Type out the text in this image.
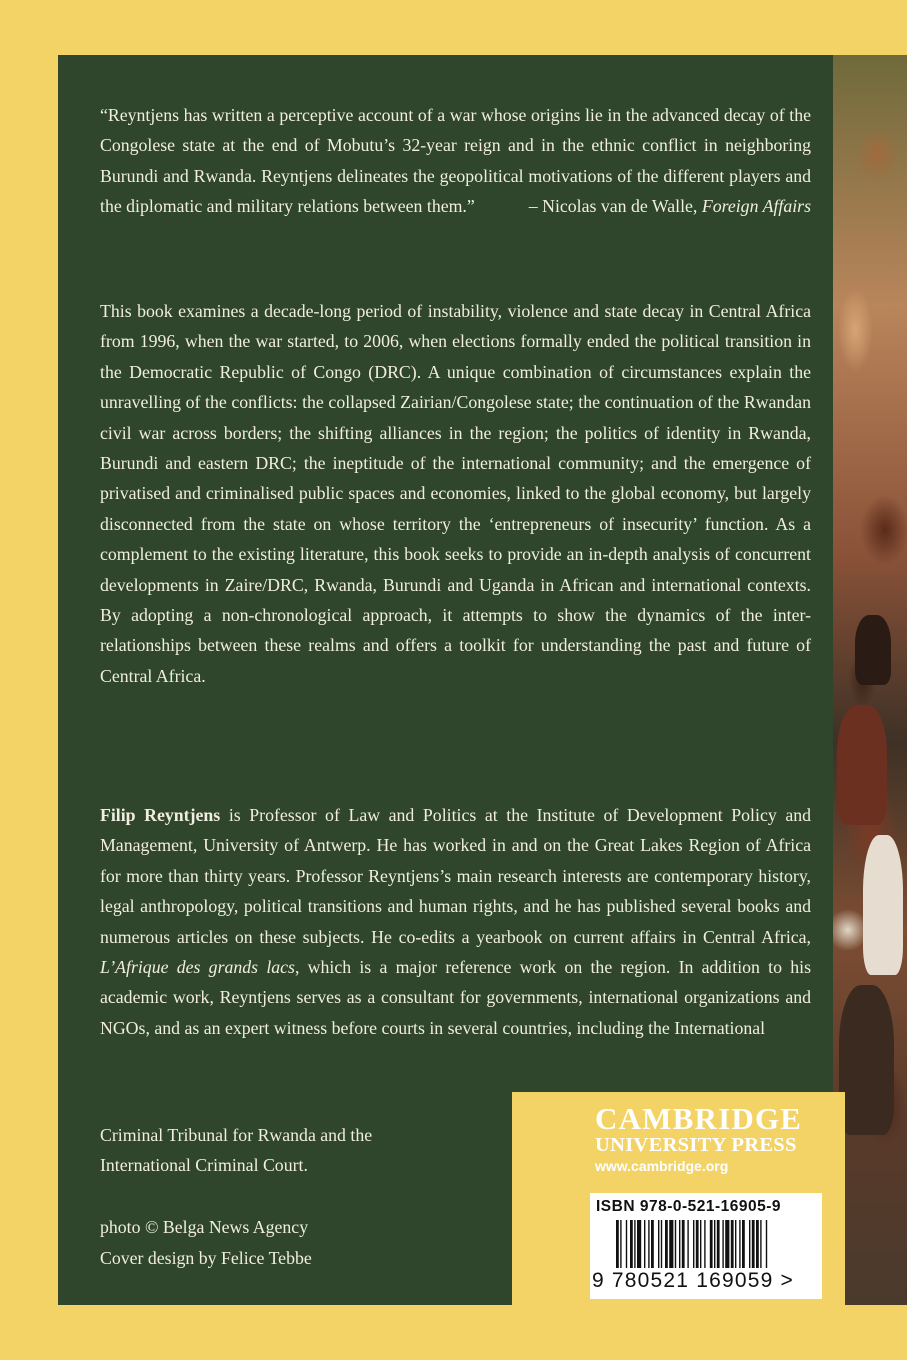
“Reyntjens has written a perceptive account of a war whose origins lie in the advanced decay of the Congolese state at the end of Mobutu’s 32-year reign and in the ethnic conflict in neighboring Burundi and Rwanda. Reyntjens delineates the geopolitical motivations of the different players and the diplomatic and military relations between them.”	– Nicolas van de Walle, Foreign Affairs
This book examines a decade-long period of instability, violence and state decay in Central Africa from 1996, when the war started, to 2006, when elections formally ended the political transition in the Democratic Republic of Congo (DRC). A unique combination of circumstances explain the unravelling of the conflicts: the collapsed Zairian/Congolese state; the continuation of the Rwandan civil war across borders; the shifting alliances in the region; the politics of identity in Rwanda, Burundi and eastern DRC; the ineptitude of the international community; and the emergence of privatised and criminalised public spaces and economies, linked to the global economy, but largely disconnected from the state on whose territory the ‘entrepreneurs of insecurity’ function. As a complement to the existing literature, this book seeks to provide an in-depth analysis of concurrent developments in Zaire/DRC, Rwanda, Burundi and Uganda in African and international contexts. By adopting a non-chronological approach, it attempts to show the dynamics of the inter-relationships between these realms and offers a toolkit for understanding the past and future of Central Africa.
Filip Reyntjens is Professor of Law and Politics at the Institute of Development Policy and Management, University of Antwerp. He has worked in and on the Great Lakes Region of Africa for more than thirty years. Professor Reyntjens’s main research interests are contemporary history, legal anthropology, political transitions and human rights, and he has published several books and numerous articles on these subjects. He co-edits a yearbook on current affairs in Central Africa, L’Afrique des grands lacs, which is a major reference work on the region. In addition to his academic work, Reyntjens serves as a consultant for governments, international organizations and NGOs, and as an expert witness before courts in several countries, including the International
Criminal Tribunal for Rwanda and the
International Criminal Court.
photo © Belga News Agency
Cover design by Felice Tebbe
CAMBRIDGE
UNIVERSITY PRESS
www.cambridge.org
ISBN 978-0-521-16905-9
9 780521 169059 >
